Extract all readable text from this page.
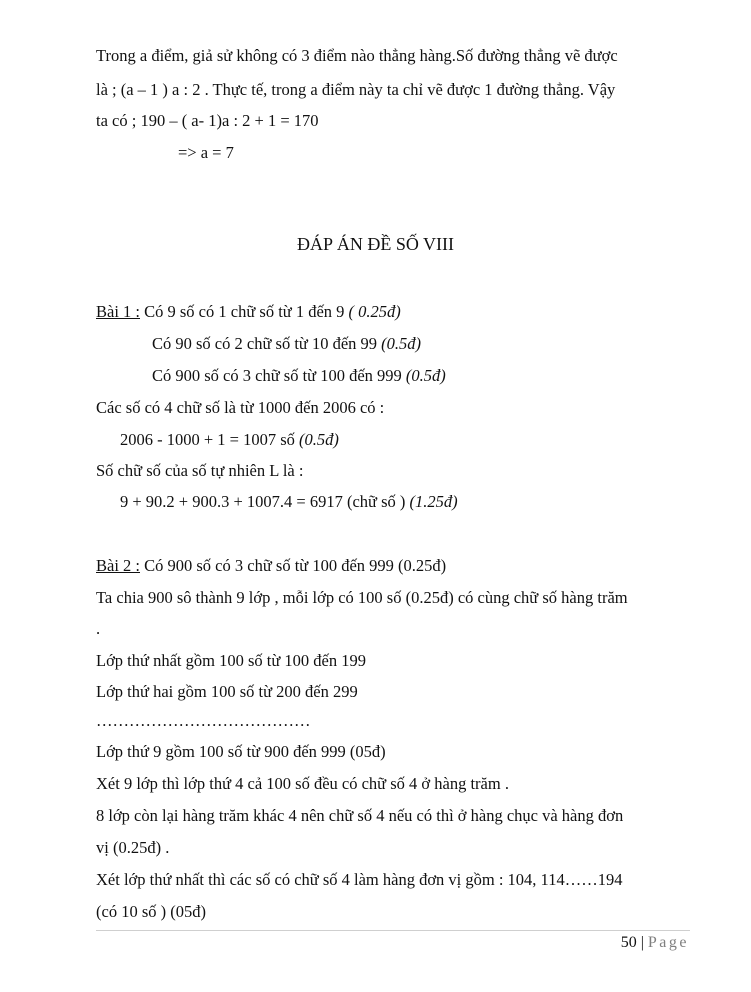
Trong a điểm, giả sử không có 3 điểm nào thẳng hàng.Số đường thẳng vẽ được
là ; (a – 1 ) a : 2 . Thực tế, trong a điểm này ta chỉ vẽ được 1 đường thẳng. Vậy
ta có ; 190 – ( a- 1)a : 2 + 1 = 170
=> a = 7
ĐÁP ÁN ĐỀ SỐ VIII
Bài 1 : Có 9 số có 1 chữ số từ 1 đến 9 ( 0.25đ)
Có 90 số có 2 chữ số từ 10 đến 99 (0.5đ)
Có 900 số có 3 chữ số từ 100 đến 999 (0.5đ)
Các số có 4 chữ số là từ 1000 đến 2006 có :
2006 - 1000 + 1 = 1007 số (0.5đ)
Số chữ số của số tự nhiên L là :
9 + 90.2 + 900.3 + 1007.4 = 6917 (chữ số ) (1.25đ)
Bài 2 : Có 900 số có 3 chữ số từ 100 đến 999 (0.25đ)
Ta chia 900 sô thành 9 lớp , mỗi lớp có 100 số (0.25đ) có cùng chữ số hàng trăm
.
Lớp thứ nhất gồm 100 số từ 100 đến 199
Lớp thứ hai gồm 100 số từ 200 đến 299
…………………………………
Lớp thứ 9 gồm 100 số từ 900 đến 999 (05đ)
Xét 9 lớp thì lớp thứ 4 cả 100 số đều có chữ số 4 ở hàng trăm .
8 lớp còn lại hàng trăm khác 4 nên chữ số 4 nếu có thì ở hàng chục và hàng đơn
vị (0.25đ) .
Xét lớp thứ nhất thì các số có chữ số 4 làm hàng đơn vị gồm : 104, 114……194
(có 10 số ) (05đ)
50 | Page
